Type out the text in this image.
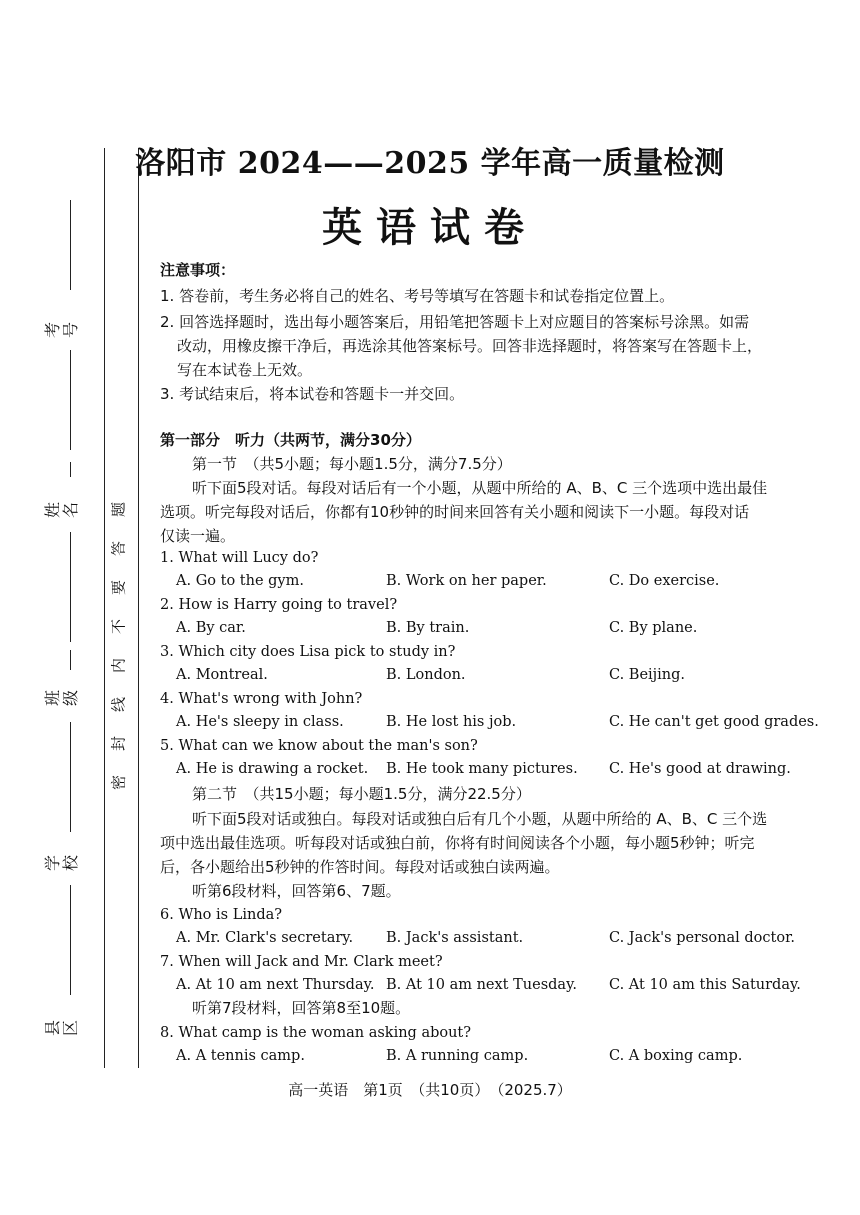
考号
姓名
班级
学校
县区
题
答
要
不
内
线
封
密
洛阳市 2024——2025 学年高一质量检测
英语试卷
注意事项：
1. 答卷前，考生务必将自己的姓名、考号等填写在答题卡和试卷指定位置上。
2. 回答选择题时，选出每小题答案后，用铅笔把答题卡上对应题目的答案标号涂黑。如需
改动，用橡皮擦干净后，再选涂其他答案标号。回答非选择题时，将答案写在答题卡上，
写在本试卷上无效。
3. 考试结束后，将本试卷和答题卡一并交回。
第一部分　听力（共两节，满分30分）
第一节　（共5小题；每小题1.5分，满分7.5分）
听下面5段对话。每段对话后有一个小题，从题中所给的 A、B、C 三个选项中选出最佳
选项。听完每段对话后，你都有10秒钟的时间来回答有关小题和阅读下一小题。每段对话
仅读一遍。
1. What will Lucy do?
A. Go to the gym.	B. Work on her paper.	C. Do exercise.
2. How is Harry going to travel?
A. By car.	B. By train.	C. By plane.
3. Which city does Lisa pick to study in?
A. Montreal.	B. London.	C. Beijing.
4. What's wrong with John?
A. He's sleepy in class.	B. He lost his job.	C. He can't get good grades.
5. What can we know about the man's son?
A. He is drawing a rocket. B. He took many pictures. C. He's good at drawing.
第二节　（共15小题；每小题1.5分，满分22.5分）
听下面5段对话或独白。每段对话或独白后有几个小题，从题中所给的 A、B、C 三个选
项中选出最佳选项。听每段对话或独白前，你将有时间阅读各个小题，每小题5秒钟；听完
后，各小题给出5秒钟的作答时间。每段对话或独白读两遍。
听第6段材料，回答第6、7题。
6. Who is Linda?
A. Mr. Clark's secretary. B. Jack's assistant.	C. Jack's personal doctor.
7. When will Jack and Mr. Clark meet?
A. At 10 am next Thursday. B. At 10 am next Tuesday. C. At 10 am this Saturday.
听第7段材料，回答第8至10题。
8. What camp is the woman asking about?
A. A tennis camp.	B. A running camp.	C. A boxing camp.
高一英语　第1页　（共10页）　（2025.7）
